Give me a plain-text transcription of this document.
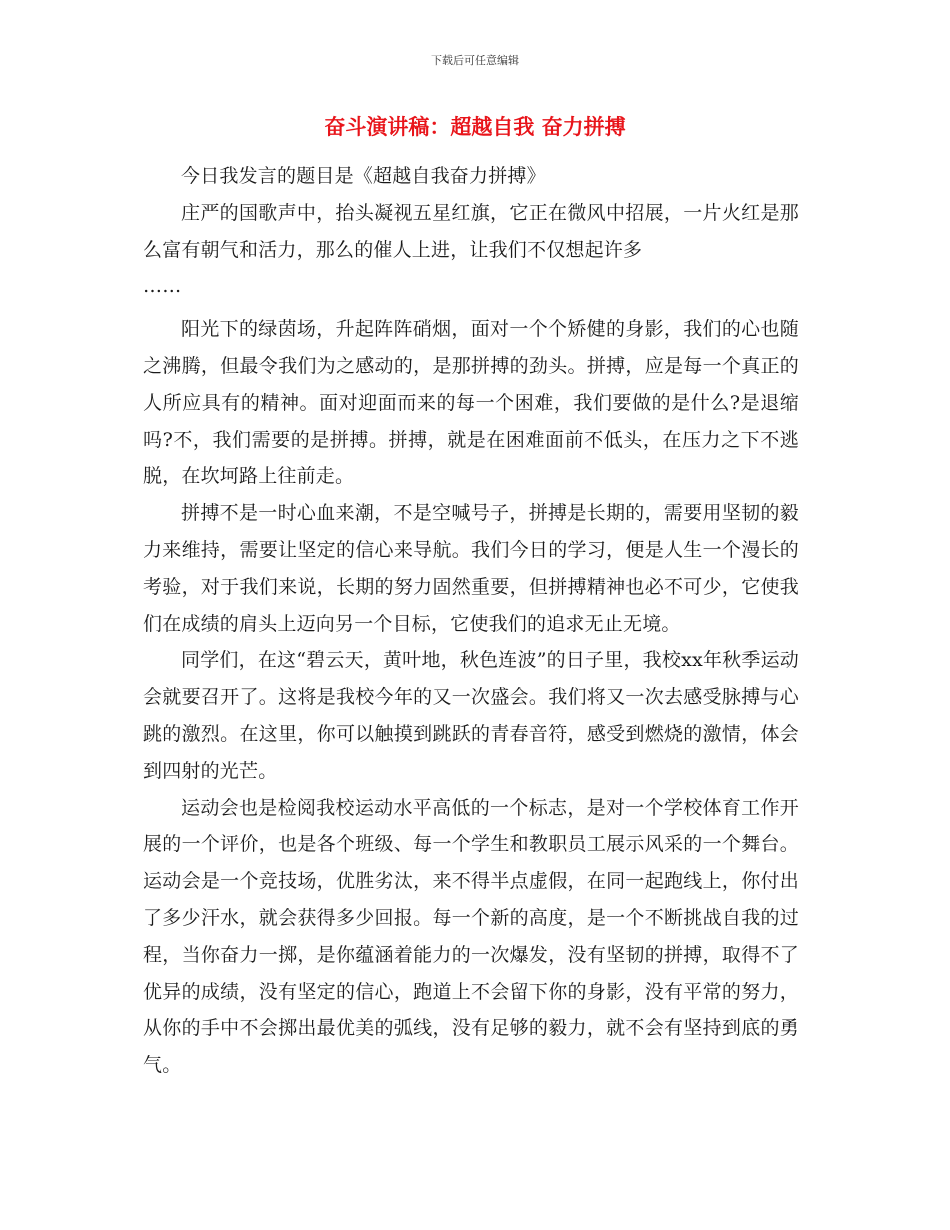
下载后可任意编辑
奋斗演讲稿：超越自我 奋力拼搏

今日我发言的题目是《超越自我奋力拼搏》

庄严的国歌声中，抬头凝视五星红旗，它正在微风中招展，一片火红是那么富有朝气和活力，那么的催人上进，让我们不仅想起许多

……

阳光下的绿茵场，升起阵阵硝烟，面对一个个矫健的身影，我们的心也随之沸腾，但最令我们为之感动的，是那拼搏的劲头。拼搏，应是每一个真正的人所应具有的精神。面对迎面而来的每一个困难，我们要做的是什么?是退缩吗?不，我们需要的是拼搏。拼搏，就是在困难面前不低头，在压力之下不逃脱，在坎坷路上往前走。

拼搏不是一时心血来潮，不是空喊号子，拼搏是长期的，需要用坚韧的毅力来维持，需要让坚定的信心来导航。我们今日的学习，便是人生一个漫长的考验，对于我们来说，长期的努力固然重要，但拼搏精神也必不可少，它使我们在成绩的肩头上迈向另一个目标，它使我们的追求无止无境。

同学们，在这“碧云天，黄叶地，秋色连波”的日子里，我校xx年秋季运动会就要召开了。这将是我校今年的又一次盛会。我们将又一次去感受脉搏与心跳的激烈。在这里，你可以触摸到跳跃的青春音符，感受到燃烧的激情，体会到四射的光芒。

运动会也是检阅我校运动水平高低的一个标志，是对一个学校体育工作开展的一个评价，也是各个班级、每一个学生和教职员工展示风采的一个舞台。运动会是一个竞技场，优胜劣汰，来不得半点虚假，在同一起跑线上，你付出了多少汗水，就会获得多少回报。每一个新的高度，是一个不断挑战自我的过程，当你奋力一掷，是你蕴涵着能力的一次爆发，没有坚韧的拼搏，取得不了优异的成绩，没有坚定的信心，跑道上不会留下你的身影，没有平常的努力，从你的手中不会掷出最优美的弧线，没有足够的毅力，就不会有坚持到底的勇气。
